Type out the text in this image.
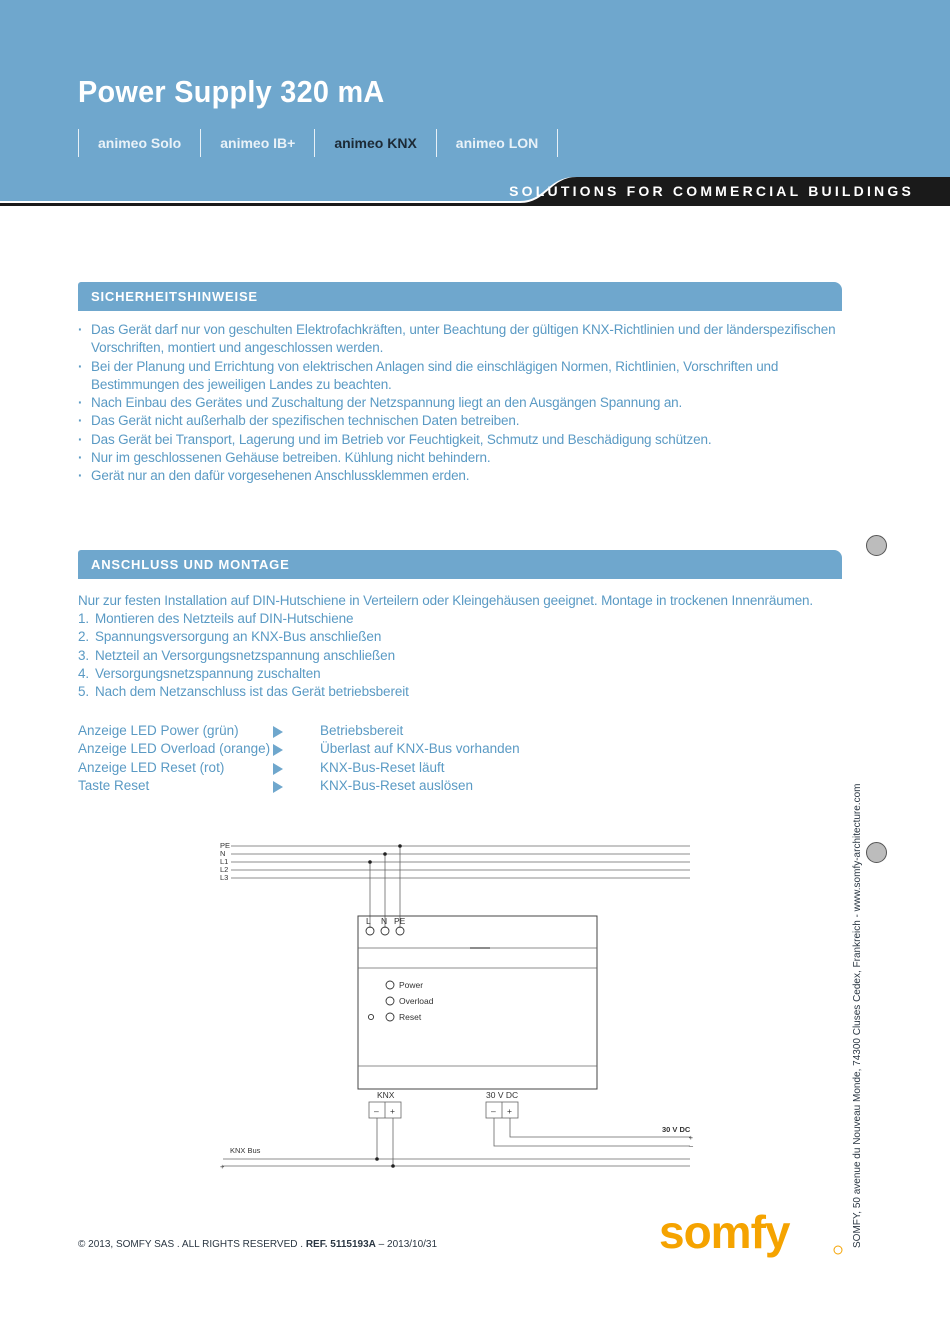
Power Supply 320 mA
animeo Solo	animeo IB+	animeo KNX	animeo LON
SOLUTIONS FOR COMMERCIAL BUILDINGS
SICHERHEITSHINWEISE
· Das Gerät darf nur von geschulten Elektrofachkräften, unter Beachtung der gültigen KNX-Richtlinien und der länderspezifischen Vorschriften, montiert und angeschlossen werden.
· Bei der Planung und Errichtung von elektrischen Anlagen sind die einschlägigen Normen, Richtlinien, Vorschriften und Bestimmungen des jeweiligen Landes zu beachten.
· Nach Einbau des Gerätes und Zuschaltung der Netzspannung liegt an den Ausgängen Spannung an.
· Das Gerät nicht außerhalb der spezifischen technischen Daten betreiben.
· Das Gerät bei Transport, Lagerung und im Betrieb vor Feuchtigkeit, Schmutz und Beschädigung schützen.
· Nur im geschlossenen Gehäuse betreiben. Kühlung nicht behindern.
· Gerät nur an den dafür vorgesehenen Anschlussklemmen erden.
ANSCHLUSS UND MONTAGE
Nur zur festen Installation auf DIN-Hutschiene in Verteilern oder Kleingehäusen geeignet. Montage in trockenen Innenräumen.
1. Montieren des Netzteils auf DIN-Hutschiene
2. Spannungsversorgung an KNX-Bus anschließen
3. Netzteil an Versorgungsnetzspannung anschließen
4. Versorgungsnetzspannung zuschalten
5. Nach dem Netzanschluss ist das Gerät betriebsbereit
Anzeige LED Power (grün)	Betriebsbereit
Anzeige LED Overload (orange)	Überlast auf KNX-Bus vorhanden
Anzeige LED Reset (rot)	KNX-Bus-Reset läuft
Taste Reset	KNX-Bus-Reset auslösen
PE
N
L1
L2
L3
L N PE
Power
Overload
Reset
KNX	30 V DC
– +	– +
30 V DC
+
–
KNX Bus
+	SOMFY, 50 avenue du Nouveau Monde, 74300 Cluses Cedex, Frankreich - www.somfy-architecture.com
© 2013, SOMFY SAS . ALL RIGHTS RESERVED . REF. 5115193A – 2013/10/31	somfy
